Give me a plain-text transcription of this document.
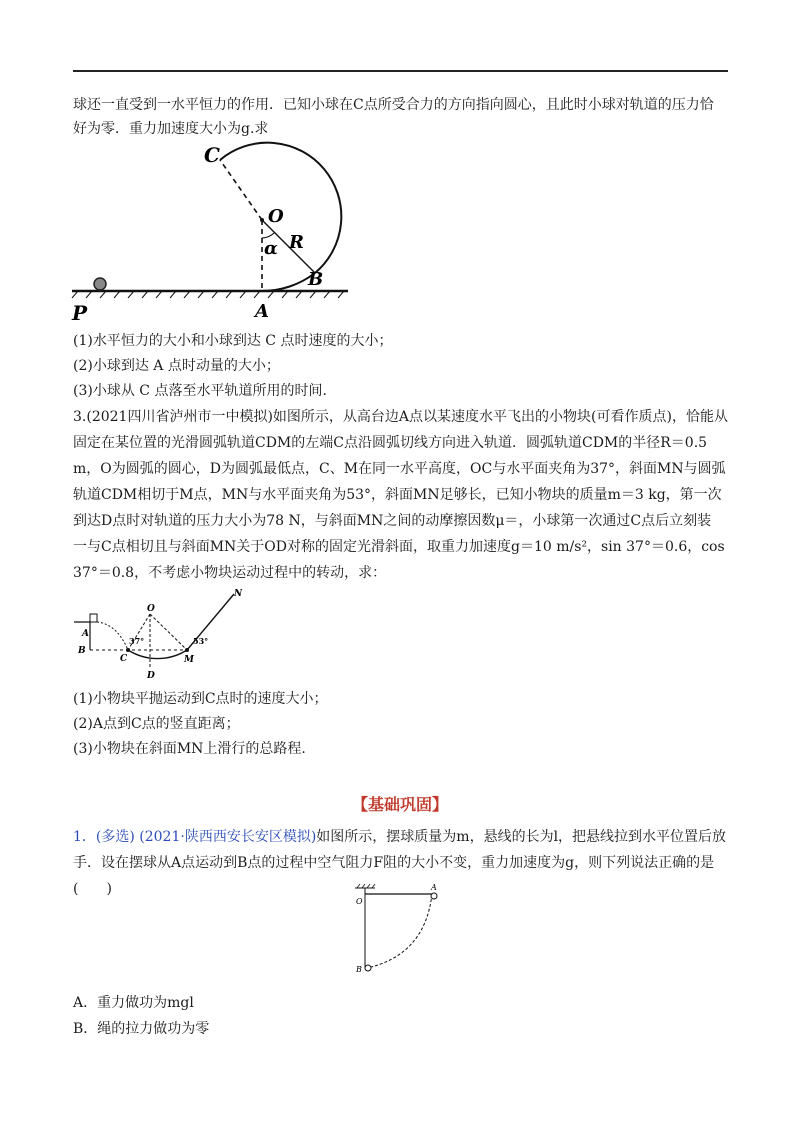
球还一直受到一水平恒力的作用．已知小球在C点所受合力的方向指向圆心，且此时小球对轨道的压力恰
好为零．重力加速度大小为g.求
C
O
α R
B
A
P
(1)水平恒力的大小和小球到达 C 点时速度的大小；
(2)小球到达 A 点时动量的大小；
(3)小球从 C 点落至水平轨道所用的时间.
3.(2021四川省泸州市一中模拟)如图所示，从高台边A点以某速度水平飞出的小物块(可看作质点)，恰能从
固定在某位置的光滑圆弧轨道CDM的左端C点沿圆弧切线方向进入轨道．圆弧轨道CDM的半径R＝0.5
m，O为圆弧的圆心，D为圆弧最低点，C、M在同一水平高度，OC与水平面夹角为37°，斜面MN与圆弧
轨道CDM相切于M点，MN与水平面夹角为53°，斜面MN足够长，已知小物块的质量m＝3 kg，第一次
到达D点时对轨道的压力大小为78 N，与斜面MN之间的动摩擦因数μ＝，小球第一次通过C点后立刻装
一与C点相切且与斜面MN关于OD对称的固定光滑斜面，取重力加速度g＝10 m/s²，sin 37°＝0.6，cos
37°＝0.8，不考虑小物块运动过程中的转动，求：
A
B
C
O
D
M
N
37°	53°
(1)小物块平抛运动到C点时的速度大小；
(2)A点到C点的竖直距离；
(3)小物块在斜面MN上滑行的总路程.
【基础巩固】
1．(多选) (2021·陕西西安长安区模拟)如图所示，摆球质量为m，悬线的长为l，把悬线拉到水平位置后放
手．设在摆球从A点运动到B点的过程中空气阻力F阻的大小不变，重力加速度为g，则下列说法正确的是
(　　)
O
A
B
A．重力做功为mgl
B．绳的拉力做功为零
